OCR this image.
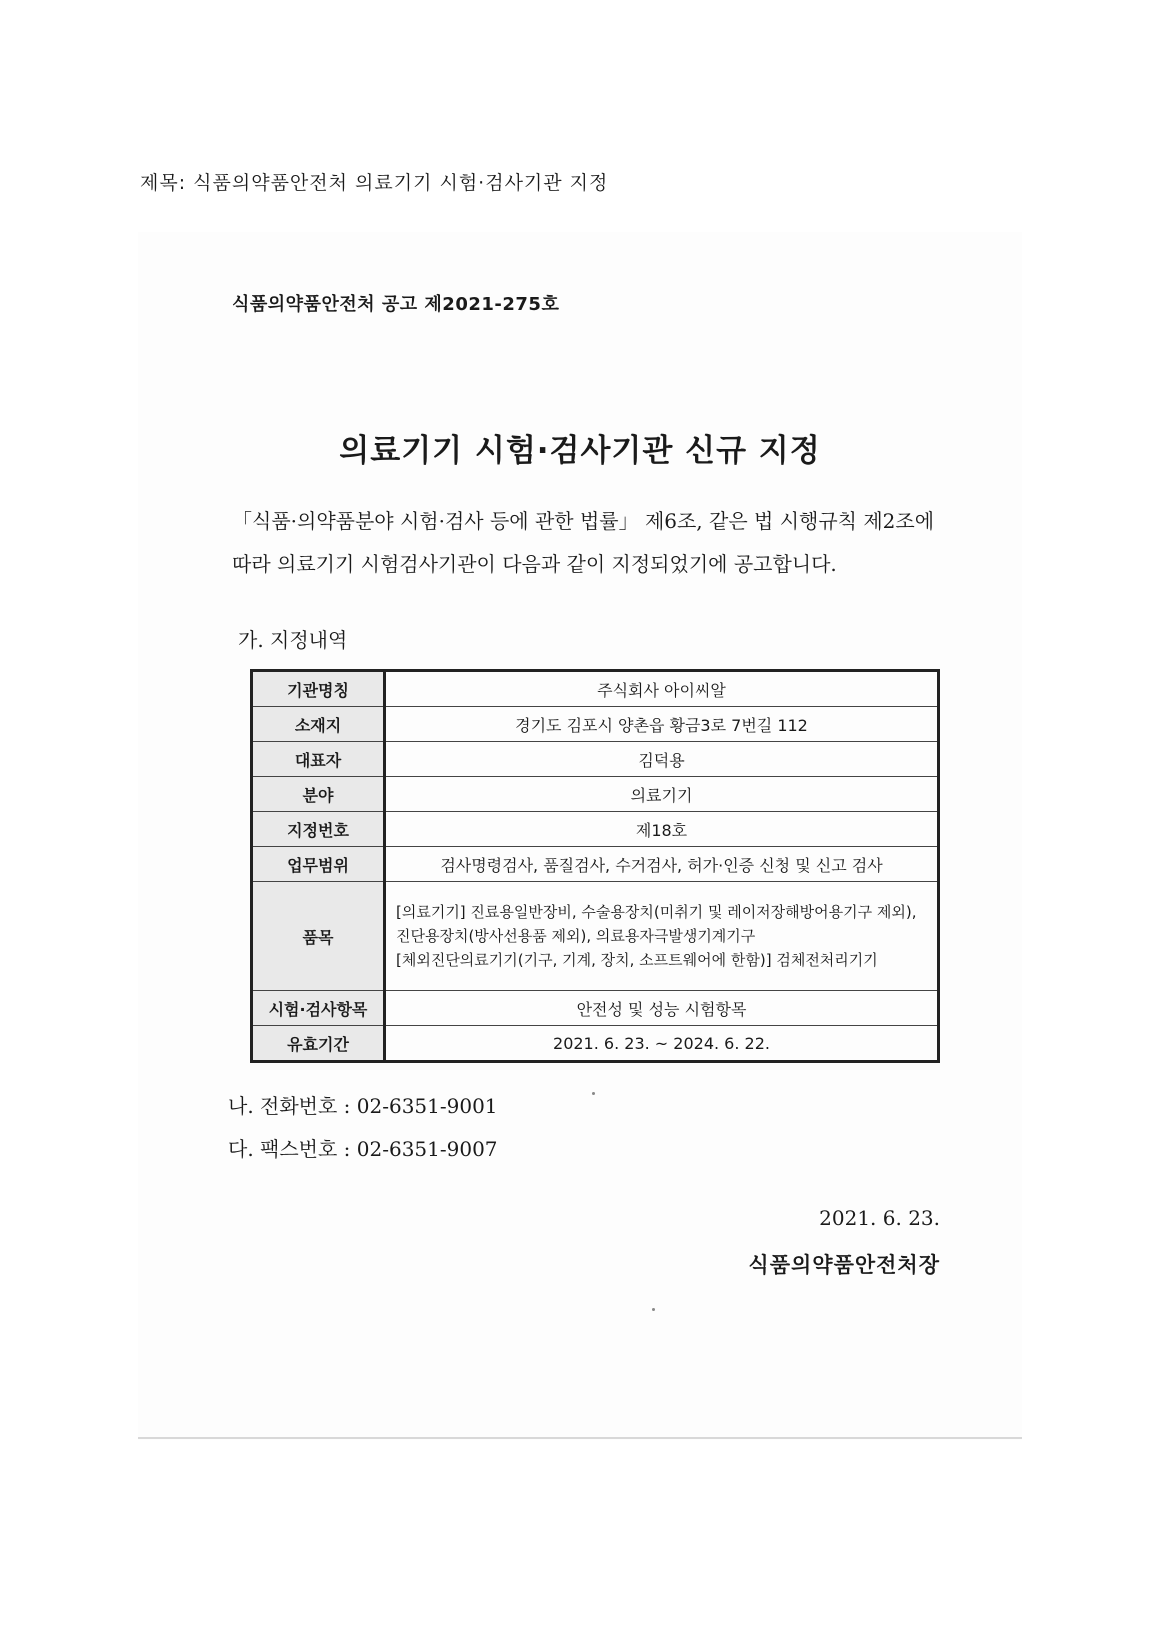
제목: 식품의약품안전처 의료기기 시험·검사기관 지정
식품의약품안전처 공고 제2021-275호
의료기기 시험·검사기관 신규 지정
「식품·의약품분야 시험·검사 등에 관한 법률」 제6조, 같은 법 시행규칙 제2조에
따라 의료기기 시험검사기관이 다음과 같이 지정되었기에 공고합니다.
가. 지정내역
기관명칭	주식회사 아이씨알
소재지	경기도 김포시 양촌읍 황금3로 7번길 112
대표자	김덕용
분야	의료기기
지정번호	제18호
업무범위	검사명령검사, 품질검사, 수거검사, 허가·인증 신청 및 신고 검사
품목	[의료기기] 진료용일반장비, 수술용장치(미취기 및 레이저장해방어용기구 제외),
진단용장치(방사선용품 제외), 의료용자극발생기계기구
[체외진단의료기기(기구, 기계, 장치, 소프트웨어에 한함)] 검체전처리기기

시험·검사항목	안전성 및 성능 시험항목
유효기간	2021. 6. 23. ~ 2024. 6. 22.
나. 전화번호 : 02-6351-9001
다. 팩스번호 : 02-6351-9007
2021. 6. 23.
식품의약품안전처장
